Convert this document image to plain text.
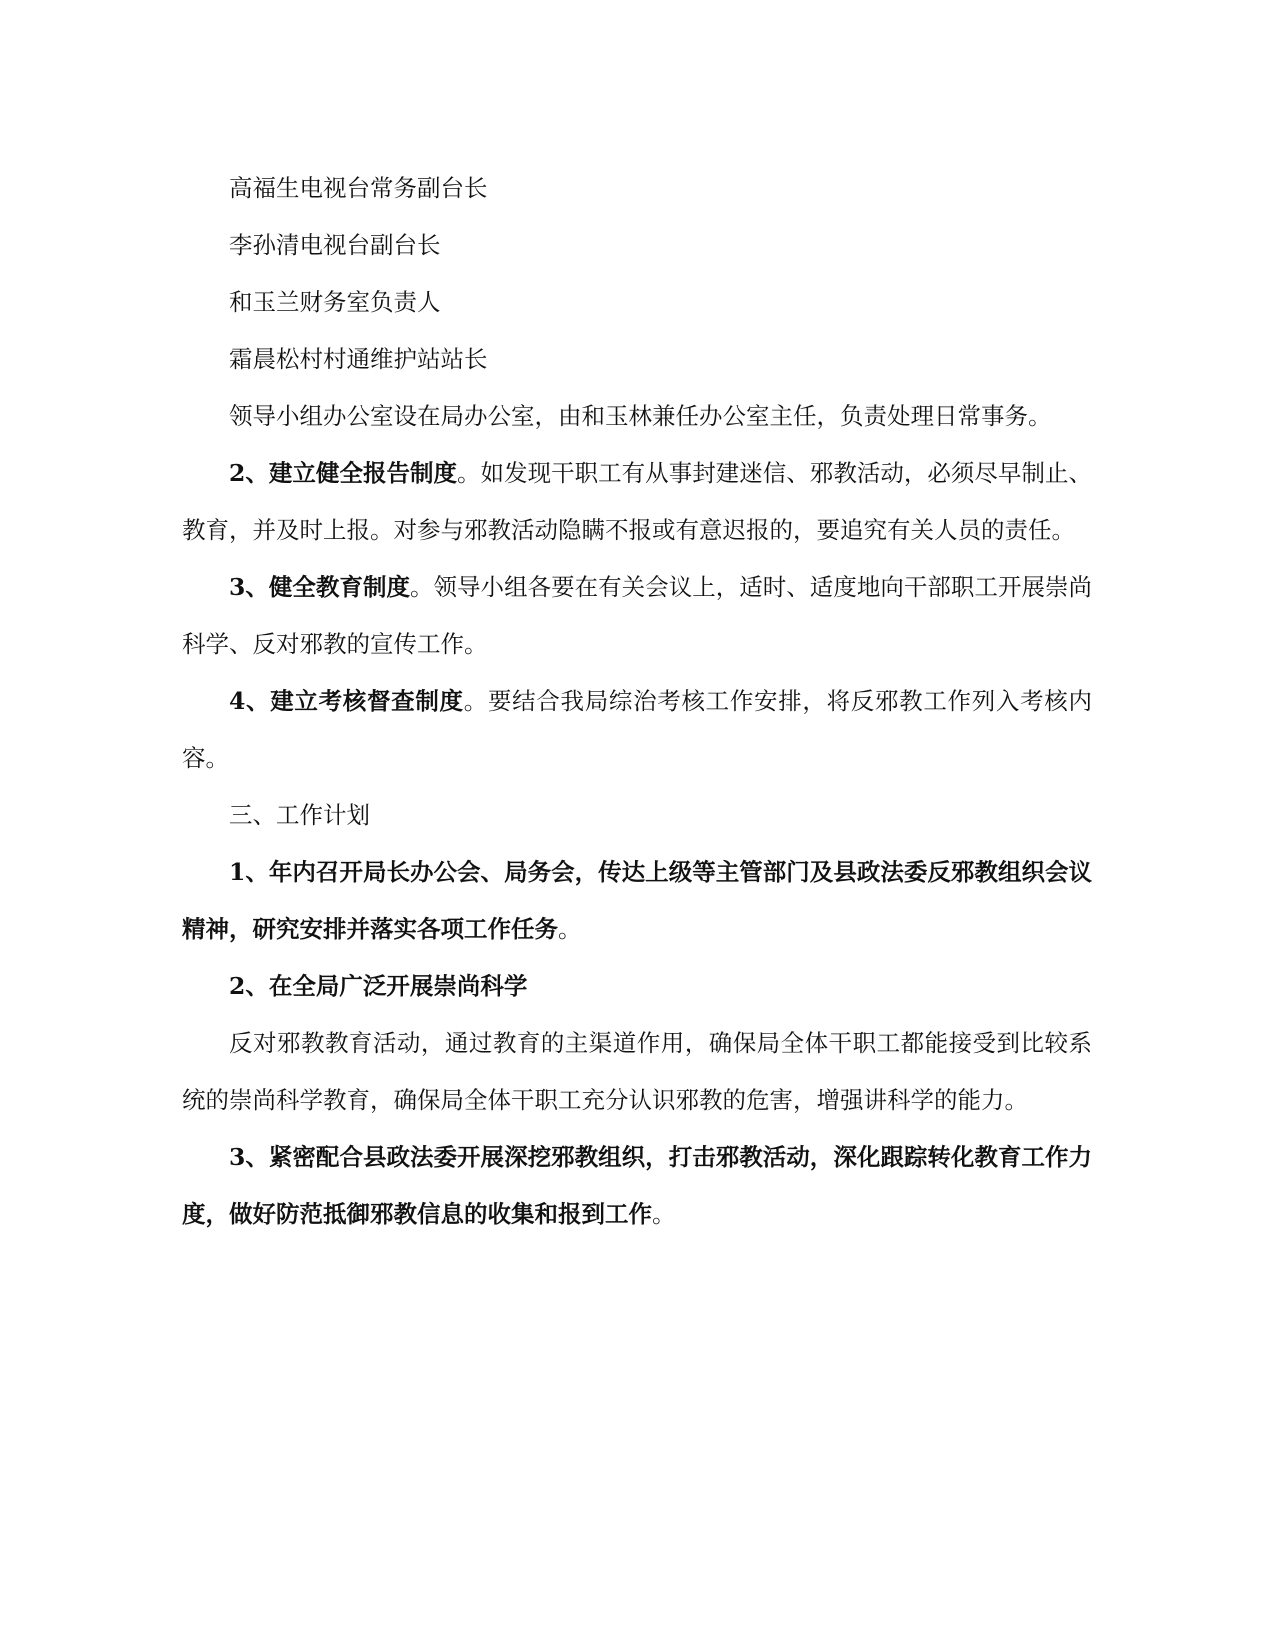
高福生电视台常务副台长
李孙清电视台副台长
和玉兰财务室负责人
霜晨松村村通维护站站长
领导小组办公室设在局办公室，由和玉林兼任办公室主任，负责处理日常事务。
2、建立健全报告制度。如发现干职工有从事封建迷信、邪教活动，必须尽早制止、教育，并及时上报。对参与邪教活动隐瞒不报或有意迟报的，要追究有关人员的责任。
3、健全教育制度。领导小组各要在有关会议上，适时、适度地向干部职工开展崇尚科学、反对邪教的宣传工作。
4、建立考核督查制度。要结合我局综治考核工作安排，将反邪教工作列入考核内容。
三、工作计划
1、年内召开局长办公会、局务会，传达上级等主管部门及县政法委反邪教组织会议精神，研究安排并落实各项工作任务。
2、在全局广泛开展崇尚科学
反对邪教教育活动，通过教育的主渠道作用，确保局全体干职工都能接受到比较系统的崇尚科学教育，确保局全体干职工充分认识邪教的危害，增强讲科学的能力。
3、紧密配合县政法委开展深挖邪教组织，打击邪教活动，深化跟踪转化教育工作力度，做好防范抵御邪教信息的收集和报到工作。
